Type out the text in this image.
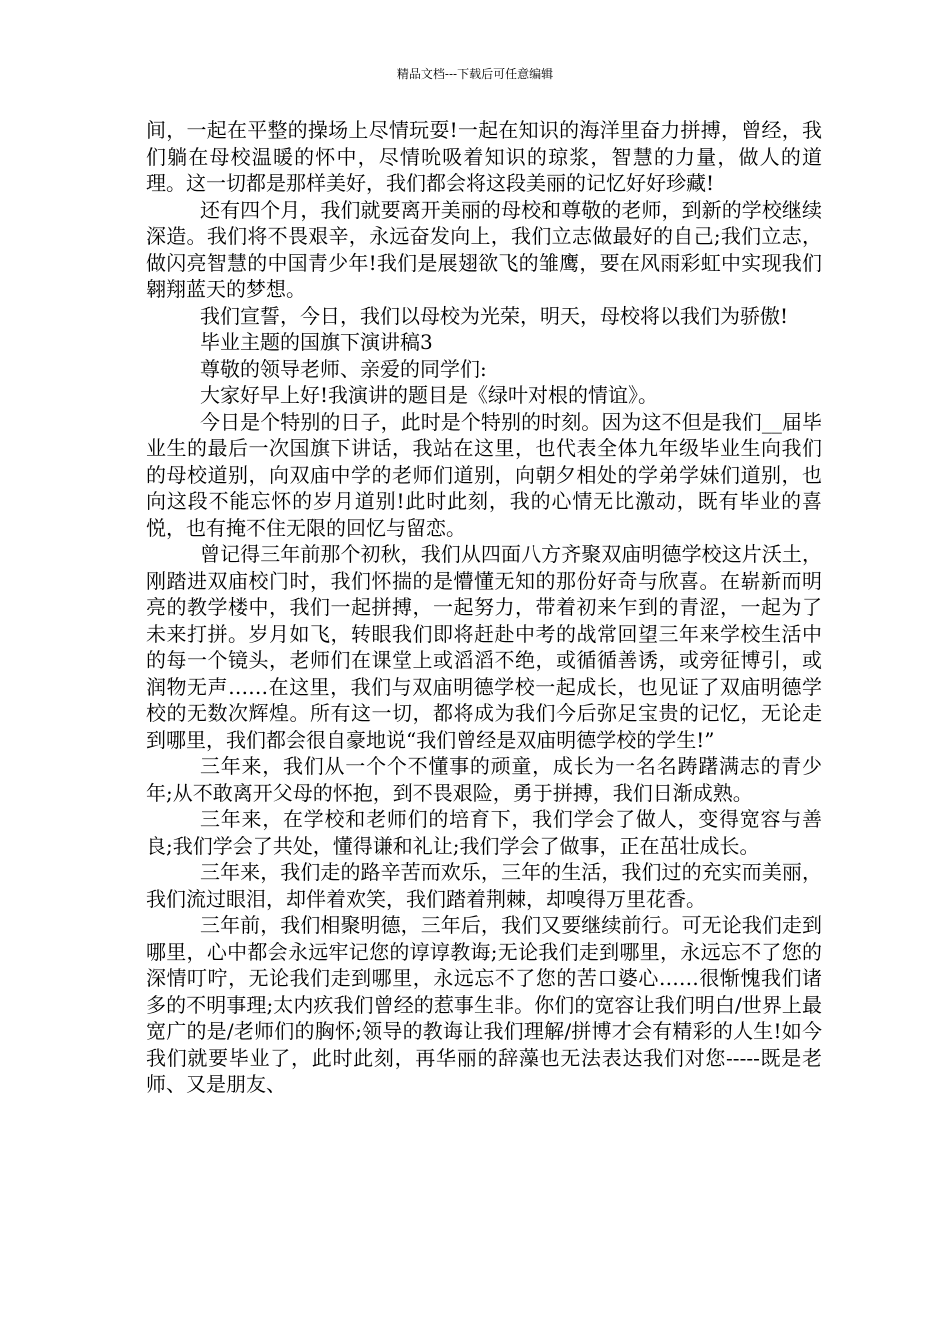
精品文档---下载后可任意编辑

间，一起在平整的操场上尽情玩耍!一起在知识的海洋里奋力拼搏，曾经，我们躺在母校温暖的怀中，尽情吮吸着知识的琼浆，智慧的力量，做人的道理。这一切都是那样美好，我们都会将这段美丽的记忆好好珍藏!

还有四个月，我们就要离开美丽的母校和尊敬的老师，到新的学校继续深造。我们将不畏艰辛，永远奋发向上，我们立志做最好的自己;我们立志，做闪亮智慧的中国青少年!我们是展翅欲飞的雏鹰，要在风雨彩虹中实现我们翱翔蓝天的梦想。

我们宣誓，今日，我们以母校为光荣，明天，母校将以我们为骄傲!

毕业主题的国旗下演讲稿3

尊敬的领导老师、亲爱的同学们:

大家好早上好!我演讲的题目是《绿叶对根的情谊》。

今日是个特别的日子，此时是个特别的时刻。因为这不但是我们__届毕业生的最后一次国旗下讲话，我站在这里，也代表全体九年级毕业生向我们的母校道别，向双庙中学的老师们道别，向朝夕相处的学弟学妹们道别，也向这段不能忘怀的岁月道别!此时此刻，我的心情无比激动，既有毕业的喜悦，也有掩不住无限的回忆与留恋。

曾记得三年前那个初秋，我们从四面八方齐聚双庙明德学校这片沃土，刚踏进双庙校门时，我们怀揣的是懵懂无知的那份好奇与欣喜。在崭新而明亮的教学楼中，我们一起拼搏，一起努力，带着初来乍到的青涩，一起为了未来打拼。岁月如飞，转眼我们即将赶赴中考的战常回望三年来学校生活中的每一个镜头，老师们在课堂上或滔滔不绝，或循循善诱，或旁征博引，或润物无声……在这里，我们与双庙明德学校一起成长，也见证了双庙明德学校的无数次辉煌。所有这一切，都将成为我们今后弥足宝贵的记忆，无论走到哪里，我们都会很自豪地说“我们曾经是双庙明德学校的学生!”

三年来，我们从一个个不懂事的顽童，成长为一名名踌躇满志的青少年;从不敢离开父母的怀抱，到不畏艰险，勇于拼搏，我们日渐成熟。

三年来，在学校和老师们的培育下，我们学会了做人，变得宽容与善良;我们学会了共处，懂得谦和礼让;我们学会了做事，正在茁壮成长。

三年来，我们走的路辛苦而欢乐，三年的生活，我们过的充实而美丽，我们流过眼泪，却伴着欢笑，我们踏着荆棘，却嗅得万里花香。

三年前，我们相聚明德，三年后，我们又要继续前行。可无论我们走到哪里，心中都会永远牢记您的谆谆教诲;无论我们走到哪里，永远忘不了您的深情叮咛，无论我们走到哪里，永远忘不了您的苦口婆心……很惭愧我们诸多的不明事理;太内疚我们曾经的惹事生非。你们的宽容让我们明白/世界上最宽广的是/老师们的胸怀;领导的教诲让我们理解/拼博才会有精彩的人生!如今我们就要毕业了，此时此刻，再华丽的辞藻也无法表达我们对您-----既是老师、又是朋友、
